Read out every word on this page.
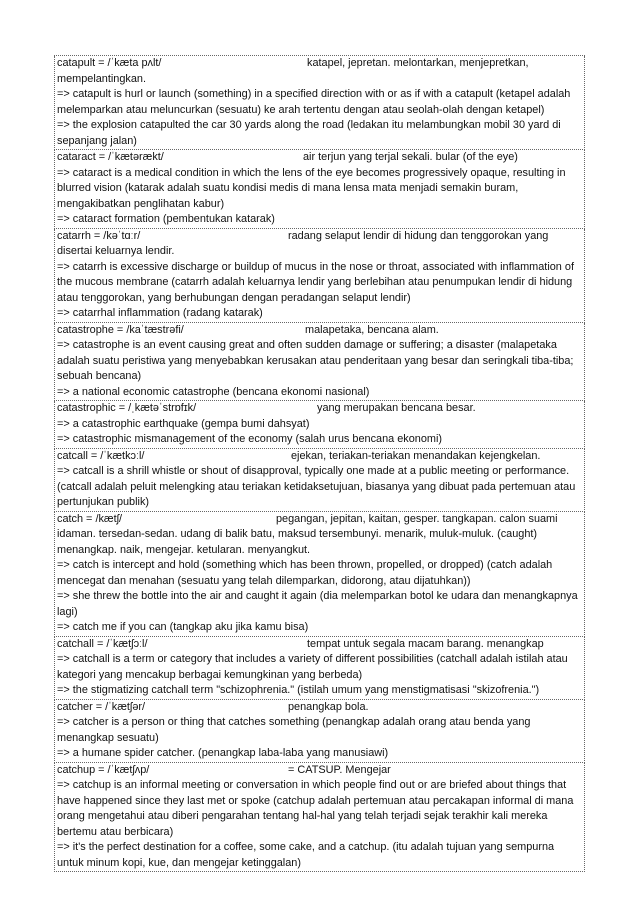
catapult = /ˈkæta pʌlt/	katapel, jepretan. melontarkan, menjepretkan,
mempelantingkan.
=> catapult is hurl or launch (something) in a specified direction with or as if with a catapult (ketapel adalah
melemparkan atau meluncurkan (sesuatu) ke arah tertentu dengan atau seolah-olah dengan ketapel)
=> the explosion catapulted the car 30 yards along the road (ledakan itu melambungkan mobil 30 yard di
sepanjang jalan)
cataract = /ˈkætərækt/	air terjun yang terjal sekali. bular (of the eye)
=> cataract is a medical condition in which the lens of the eye becomes progressively opaque, resulting in
blurred vision (katarak adalah suatu kondisi medis di mana lensa mata menjadi semakin buram,
mengakibatkan penglihatan kabur)
=> cataract formation (pembentukan katarak)
catarrh = /kəˈtɑːr/	radang selaput lendir di hidung dan tenggorokan yang
disertai keluarnya lendir.
=> catarrh is excessive discharge or buildup of mucus in the nose or throat, associated with inflammation of
the mucous membrane (catarrh adalah keluarnya lendir yang berlebihan atau penumpukan lendir di hidung
atau tenggorokan, yang berhubungan dengan peradangan selaput lendir)
=> catarrhal inflammation (radang katarak)
catastrophe = /kaˈtæstrəfi/	malapetaka, bencana alam.
=> catastrophe is an event causing great and often sudden damage or suffering; a disaster (malapetaka
adalah suatu peristiwa yang menyebabkan kerusakan atau penderitaan yang besar dan seringkali tiba-tiba;
sebuah bencana)
=> a national economic catastrophe (bencana ekonomi nasional)
catastrophic = /ˌkætəˈstrɒfɪk/	yang merupakan bencana besar.
=> a catastrophic earthquake (gempa bumi dahsyat)
=> catastrophic mismanagement of the economy (salah urus bencana ekonomi)
catcall = /ˈkætkɔːl/	ejekan, teriakan-teriakan menandakan kejengkelan.
=> catcall is a shrill whistle or shout of disapproval, typically one made at a public meeting or performance.
(catcall adalah peluit melengking atau teriakan ketidaksetujuan, biasanya yang dibuat pada pertemuan atau
pertunjukan publik)
catch = /kætʃ/	pegangan, jepitan, kaitan, gesper. tangkapan. calon suami
idaman. tersedan-sedan. udang di balik batu, maksud tersembunyi. menarik, muluk-muluk. (caught)
menangkap. naik, mengejar. ketularan. menyangkut.
=> catch is intercept and hold (something which has been thrown, propelled, or dropped) (catch adalah
mencegat dan menahan (sesuatu yang telah dilemparkan, didorong, atau dijatuhkan))
=> she threw the bottle into the air and caught it again (dia melemparkan botol ke udara dan menangkapnya
lagi)
=> catch me if you can (tangkap aku jika kamu bisa)
catchall = /ˈkætʃɔːl/	tempat untuk segala macam barang. menangkap
=> catchall is a term or category that includes a variety of different possibilities (catchall adalah istilah atau
kategori yang mencakup berbagai kemungkinan yang berbeda)
=> the stigmatizing catchall term "schizophrenia." (istilah umum yang menstigmatisasi "skizofrenia.")
catcher = /ˈkætʃər/	penangkap bola.
=> catcher is a person or thing that catches something (penangkap adalah orang atau benda yang
menangkap sesuatu)
=> a humane spider catcher. (penangkap laba-laba yang manusiawi)
catchup = /ˈkætʃʌp/	= CATSUP. Mengejar
=> catchup is an informal meeting or conversation in which people find out or are briefed about things that
have happened since they last met or spoke (catchup adalah pertemuan atau percakapan informal di mana
orang mengetahui atau diberi pengarahan tentang hal-hal yang telah terjadi sejak terakhir kali mereka
bertemu atau berbicara)
=> it's the perfect destination for a coffee, some cake, and a catchup. (itu adalah tujuan yang sempurna
untuk minum kopi, kue, dan mengejar ketinggalan)
